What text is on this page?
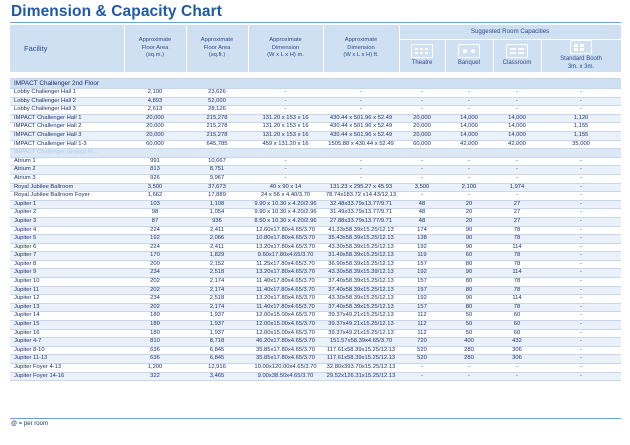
Dimension & Capacity Chart
Facility	Approximate
Floor Area
(sq.m.)	Approximate
Floor Area
(sq.ft.)	Approximate
Dimension
(W x L x H) m.	Approximate
Dimension
(W x L x H) ft.	Suggested Room Capacities			

Theatre	Banquet	Classroom	Standard Booth
3m. x 3m.

IMPACT Challenger 2nd Floor								
Lobby Challenger Hall 1	2,100	23,626	-	-	-	-	-	-
Lobby Challenger Hall 2	4,893	52,000	-	-	-	-	-	-
Lobby Challenger Hall 3	2,613	28,126	-	-	-	-	-	-
IMPACT Challenger Hall 1	20,000	215,278	131.20 x 153 x 16	430.44 x 501.96 x 52.49	20,000	14,000	14,000	1,120
IMPACT Challenger Hall 2	20,000	215,278	131.20 x 153 x 16	430.44 x 501.96 x 52.49	20,000	14,000	14,000	1,155
IMPACT Challenger Hall 3	20,000	215,278	131.20 x 153 x 16	430.44 x 501.96 x 52.49	20,000	14,000	14,000	1,155
IMPACT Challenger Hall 1-3	60,000	645,785	459 x 131.20 x 16	1505.88 x 430.44 x 52.49	60,000	42,000	42,000	35,000
IMPACT Challenger Ground Fl...								
Atrium 1	991	10,667	-	-	-	-	-	-
Atrium 2	813	8,751	-	-	-	-	-	-
Atrium 3	926	9,967	-	-	-	-	-	-
Royal Jubilee Ballroom	3,500	37,673	40 x 90 x 14	131.23 x 295.27 x 45.93	3,500	2,100	1,974	-
Royal Jubilee Ballroom Foyer	1,662	17,889	24 x 56 x 4.40/3.70	78.74x183.72 x14.43/12.13	-	-	-	-
Jupiter 1	103	1,108	9.90 x 10.30 x 4.20/2.96	32.48x33.79x13.77/9.71	48	20	27	-
Jupiter 2	98	1,054	9.90 x 10.30 x 4.20/2.96	31.49x33.79x13.77/9.71	48	20	27	-
Jupiter 3	87	936	8.50 x 10.30 x 4.20/2.96	27.88x33.79x13.77/9.71	48	20	27	-
Jupiter 4	224	2,411	12.60x17.80x4.65/3.70	41.33x58.39x15.25/12.13	174	90	78	-
Jupiter 5	192	2,066	10.80x17.80x4.65/3.70	35.43x58.39x15.25/12.13	138	90	78	-
Jupiter 6	224	2,411	13.20x17.80x4.65/3.70	43.30x58.39x15.25/12.13	192	90	114	-
Jupiter 7	170	1,829	9.60x17.80x4.65/3.70	31.49x58.39x15.25/12.13	119	60	78	-
Jupiter 8	200	2,152	11.25x17.80x4.65/3.70	36.90x58.39x15.25/12.13	157	80	78	-
Jupiter 9	234	2,518	13.20x17.80x4.65/3.70	43.30x58.39x15.39/12.13	192	90	114	-
Jupiter 10	202	2,174	11.40x17.80x4.65/3.70	37.40x58.39x15.25/12.13	157	80	78	-
Jupiter 11	202	2,174	11.40x17.80x4.65/3.70	37.40x58.39x15.25/12.13	157	80	78	-
Jupiter 12	234	2,518	13.20x17.80x4.65/3.70	43.30x58.39x15.25/12.13	192	90	114	-
Jupiter 13	202	2,174	11.40x17.80x4.65/3.70	37.40x58.39x15.25/12.13	157	80	78	-
Jupiter 14	180	1,937	12.00x15.00x4.65/3.70	39.37x49.21x15.25/12.13	112	50	60	-
Jupiter 15	180	1,937	12.00x15.00x4.65/3.70	39.37x49.21x15.25/12.13	112	50	60	-
Jupiter 16	180	1,937	12.00x15.00x4.65/3.70	39.37x49.21x15.25/12.13	112	50	60	-
Jupiter 4-7	810	8,718	46.20x17.80x4.65/3.70	151.57x58.39x4.65/3.70	720	400	432	-
Jupiter 8-10	636	6,845	35.85x17.80x4.65/3.70	117.61x58.39x15.25/12.13	520	280	306	-
Jupiter 11-13	636	6,845	35.85x17.80x4.65/3.70	117.61x58.39x15.25/12.13	520	280	306	-
Jupiter Foyer 4-13	1,200	12,916	10.00x120.00x4.65/3.70	32.80x393.70x15.25/12.13	-	-	-	-
Jupiter Foyer 14-16	322	3,465	9.00x38.50x4.65/3.70	29.52x126.31x15.25/12.13	-	-	-	-
@ = per room
